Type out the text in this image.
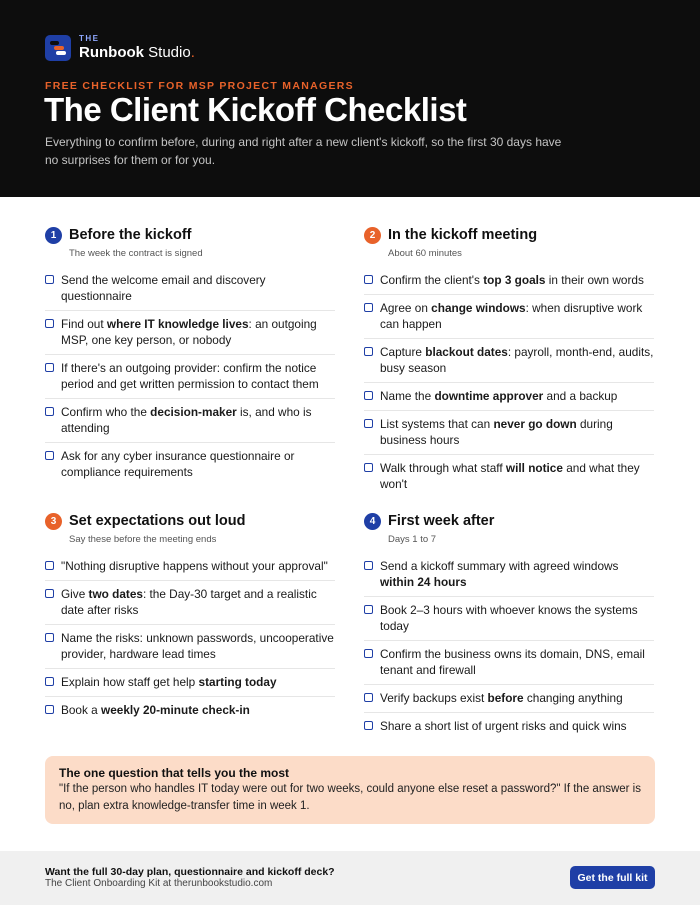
THE
Runbook Studio.
FREE CHECKLIST FOR MSP PROJECT MANAGERS
The Client Kickoff Checklist
Everything to confirm before, during and right after a new client's kickoff, so the first 30 days have no surprises for them or for you.
1 Before the kickoff
The week the contract is signed
Send the welcome email and discovery questionnaire
Find out where IT knowledge lives: an outgoing MSP, one key person, or nobody
If there's an outgoing provider: confirm the notice period and get written permission to contact them
Confirm who the decision-maker is, and who is attending
Ask for any cyber insurance questionnaire or compliance requirements
2 In the kickoff meeting
About 60 minutes
Confirm the client's top 3 goals in their own words
Agree on change windows: when disruptive work can happen
Capture blackout dates: payroll, month-end, audits, busy season
Name the downtime approver and a backup
List systems that can never go down during business hours
Walk through what staff will notice and what they won't
3 Set expectations out loud
Say these before the meeting ends
"Nothing disruptive happens without your approval"
Give two dates: the Day-30 target and a realistic date after risks
Name the risks: unknown passwords, uncooperative provider, hardware lead times
Explain how staff get help starting today
Book a weekly 20-minute check-in
4 First week after
Days 1 to 7
Send a kickoff summary with agreed windows within 24 hours
Book 2–3 hours with whoever knows the systems today
Confirm the business owns its domain, DNS, email tenant and firewall
Verify backups exist before changing anything
Share a short list of urgent risks and quick wins
The one question that tells you the most
"If the person who handles IT today were out for two weeks, could anyone else reset a password?" If the answer is no, plan extra knowledge-transfer time in week 1.
Want the full 30-day plan, questionnaire and kickoff deck?
The Client Onboarding Kit at therunbookstudio.com	Get the full kit
